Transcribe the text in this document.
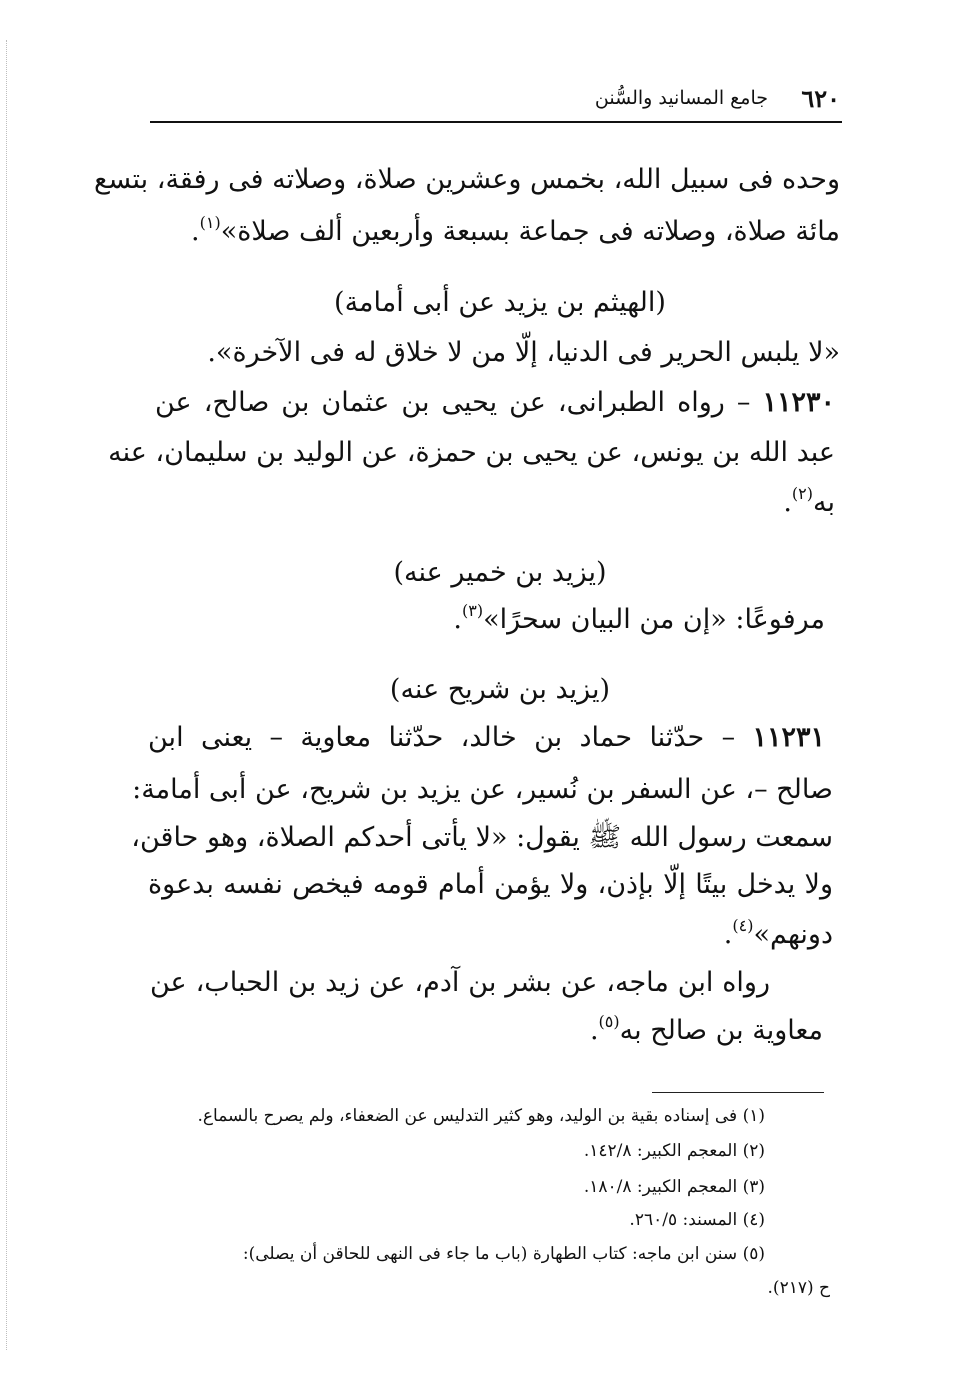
٦٢٠
جامع المسانيد والسُّنن
وحده فى سبيل الله، بخمس وعشرين صلاة، وصلاته فى رفقة، بتسع
مائة صلاة، وصلاته فى جماعة بسبعة وأربعين ألف صلاة»$^{(١)}$.
(الهيثم بن يزيد عن أبى أمامة)
«لا يلبس الحرير فى الدنيا، إلّا من لا خلاق له فى الآخرة».
١١٢٣٠ – رواه الطبرانى، عن يحيى بن عثمان بن صالح، عن
عبد الله بن يونس، عن يحيى بن حمزة، عن الوليد بن سليمان، عنه
به$^{(٢)}$.
(يزيد بن خمير عنه)
مرفوعًا: «إن من البيان سحرًا»$^{(٣)}$.
(يزيد بن شريح عنه)
١١٢٣١ – حدّثنا حماد بن خالد، حدّثنا معاوية – يعنى ابن
صالح –، عن السفر بن نُسير، عن يزيد بن شريح، عن أبى أمامة:
سمعت رسول الله ﷺ يقول: «لا يأتى أحدكم الصلاة، وهو حاقن،
ولا يدخل بيتًا إلّا بإذن، ولا يؤمن أمام قومه فيخص نفسه بدعوة
دونهم»$^{(٤)}$.
رواه ابن ماجه، عن بشر بن آدم، عن زيد بن الحباب، عن
معاوية بن صالح به$^{(٥)}$.
(١) فى إسناده بقية بن الوليد، وهو كثير التدليس عن الضعفاء، ولم يصرح بالسماع.
(٢) المعجم الكبير: ١٤٢/٨.
(٣) المعجم الكبير: ١٨٠/٨.
(٤) المسند: ٢٦٠/٥.
(٥) سنن ابن ماجه: كتاب الطهارة (باب ما جاء فى النهى للحاقن أن يصلى):
ح (٢١٧).
